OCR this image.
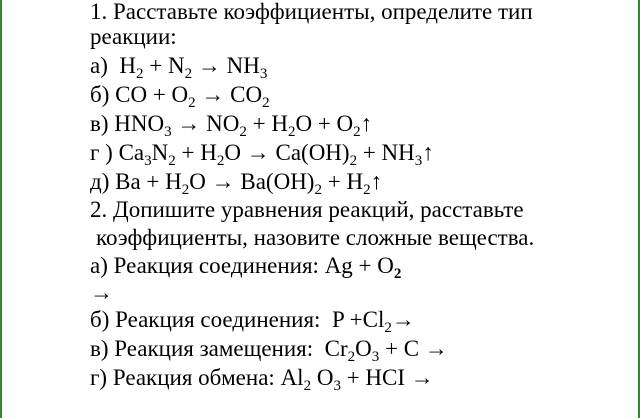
1. Расставьте коэффициенты, определите тип
реакции:
а) $H_2 + N_2 \to NH_3$
б) CO + $O_2 \to CO_2$
в) $HNO_3 \to NO_2 + H_2O$ + $O_2↑$
г ) $Ca_3N_2 + H_2O \to Ca(OH)_2$ + $NH_3↑$
д) $Ba + H_2O \to Ba(OH)_2$ + $H_2↑$
2. Допишите уравнения реакций, расставьте
коэффициенты, назовите сложные вещества.
а) Реакция соединения: $Ag + O_2$
→
б) Реакция соединения: $P +Cl_2\to$
в) Реакция замещения: $Cr_2O_3 + C$ →
г) Реакция обмена: $Al_2$ $O_3$ + HCI →
